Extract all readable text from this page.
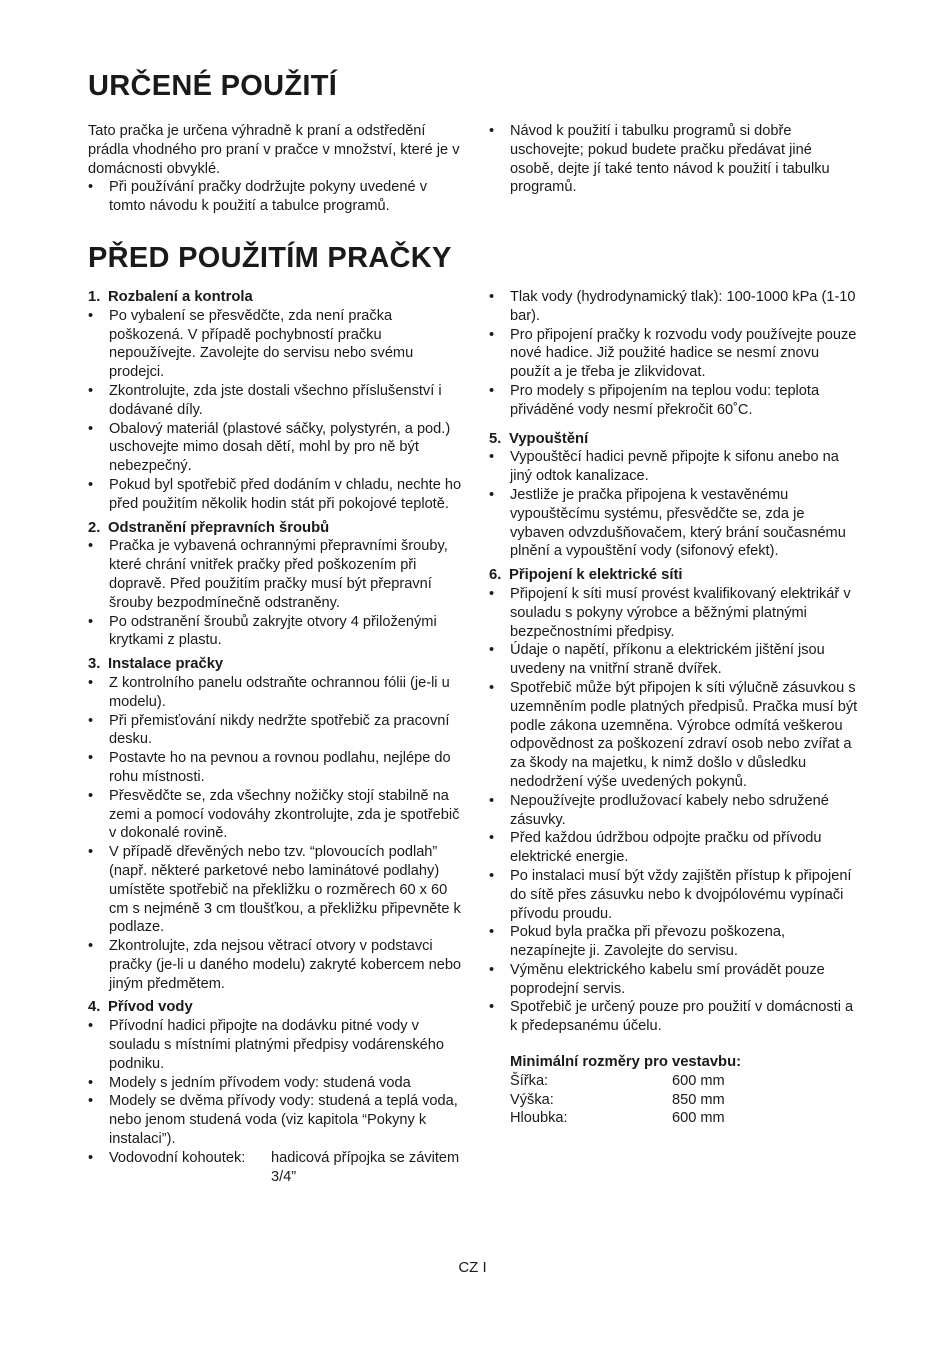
URČENÉ POUŽITÍ

Tato pračka je určena výhradně k praní a odstředění prádla vhodného pro praní v pračce v množství, které je v domácnosti obvyklé.

• Při používání pračky dodržujte pokyny uvedené v tomto návodu k použití a tabulce programů.
• Návod k použití i tabulku programů si dobře uschovejte; pokud budete pračku předávat jiné osobě, dejte jí také tento návod k použití i tabulku programů.
PŘED POUŽITÍM PRAČKY
1. Rozbalení a kontrola
• Po vybalení se přesvědčte, zda není pračka poškozená. V případě pochybností pračku nepoužívejte. Zavolejte do servisu nebo svému prodejci.
• Zkontrolujte, zda jste dostali všechno příslušenství i dodávané díly.
• Obalový materiál (plastové sáčky, polystyrén, a pod.) uschovejte mimo dosah dětí, mohl by pro ně být nebezpečný.
• Pokud byl spotřebič před dodáním v chladu, nechte ho před použitím několik hodin stát při pokojové teplotě.
2. Odstranění přepravních šroubů
• Pračka je vybavená ochrannými přepravními šrouby, které chrání vnitřek pračky před poškozením při dopravě. Před použitím pračky musí být přepravní šrouby bezpodmínečně odstraněny.
• Po odstranění šroubů zakryjte otvory 4 přiloženými krytkami z plastu.
3. Instalace pračky
• Z kontrolního panelu odstraňte ochrannou fólii (je-li u modelu).
• Při přemisťování nikdy nedržte spotřebič za pracovní desku.
• Postavte ho na pevnou a rovnou podlahu, nejlépe do rohu místnosti.
• Přesvědčte se, zda všechny nožičky stojí stabilně na zemi a pomocí vodováhy zkontrolujte, zda je spotřebič v dokonalé rovině.
• V případě dřevěných nebo tzv. “plovoucích podlah” (např. některé parketové nebo laminátové podlahy) umístěte spotřebič na překližku o rozměrech 60 x 60 cm s nejméně 3 cm tloušťkou, a překližku připevněte k podlaze.
• Zkontrolujte, zda nejsou větrací otvory v podstavci pračky (je-li u daného modelu) zakryté kobercem nebo jiným předmětem.
4. Přívod vody
• Přívodní hadici připojte na dodávku pitné vody v souladu s místními platnými předpisy vodárenského podniku.
• Modely s jedním přívodem vody: studená voda
• Modely se dvěma přívody vody: studená a teplá voda, nebo jenom studená voda (viz kapitola “Pokyny k instalaci”).
• Vodovodní kohoutek:	hadicová přípojka se závitem 3/4”
• Tlak vody (hydrodynamický tlak): 100-1000 kPa (1-10 bar).
• Pro připojení pračky k rozvodu vody používejte pouze nové hadice. Již použité hadice se nesmí znovu použít a je třeba je zlikvidovat.
• Pro modely s připojením na teplou vodu: teplota přiváděné vody nesmí překročit 60˚C.
5. Vypouštění
• Vypouštěcí hadici pevně připojte k sifonu anebo na jiný odtok kanalizace.
• Jestliže je pračka připojena k vestavěnému vypouštěcímu systému, přesvědčte se, zda je vybaven odvzdušňovačem, který brání současnému plnění a vypouštění vody (sifonový efekt).
6. Připojení k elektrické síti
• Připojení k síti musí provést kvalifikovaný elektrikář v souladu s pokyny výrobce a běžnými platnými bezpečnostními předpisy.
• Údaje o napětí, příkonu a elektrickém jištění jsou uvedeny na vnitřní straně dvířek.
• Spotřebič může být připojen k síti výlučně zásuvkou s uzemněním podle platných předpisů. Pračka musí být podle zákona uzemněna. Výrobce odmítá veškerou odpovědnost za poškození zdraví osob nebo zvířat a za škody na majetku, k nimž došlo v důsledku nedodržení výše uvedených pokynů.
• Nepoužívejte prodlužovací kabely nebo sdružené zásuvky.
• Před každou údržbou odpojte pračku od přívodu elektrické energie.
• Po instalaci musí být vždy zajištěn přístup k připojení do sítě přes zásuvku nebo k dvojpólovému vypínači přívodu proudu.
• Pokud byla pračka při převozu poškozena, nezapínejte ji. Zavolejte do servisu.
• Výměnu elektrického kabelu smí provádět pouze poprodejní servis.
• Spotřebič je určený pouze pro použití v domácnosti a k předepsanému účelu.
Minimální rozměry pro vestavbu:
Šířka:	600 mm
Výška:	850 mm
Hloubka:	600 mm
CZ I
